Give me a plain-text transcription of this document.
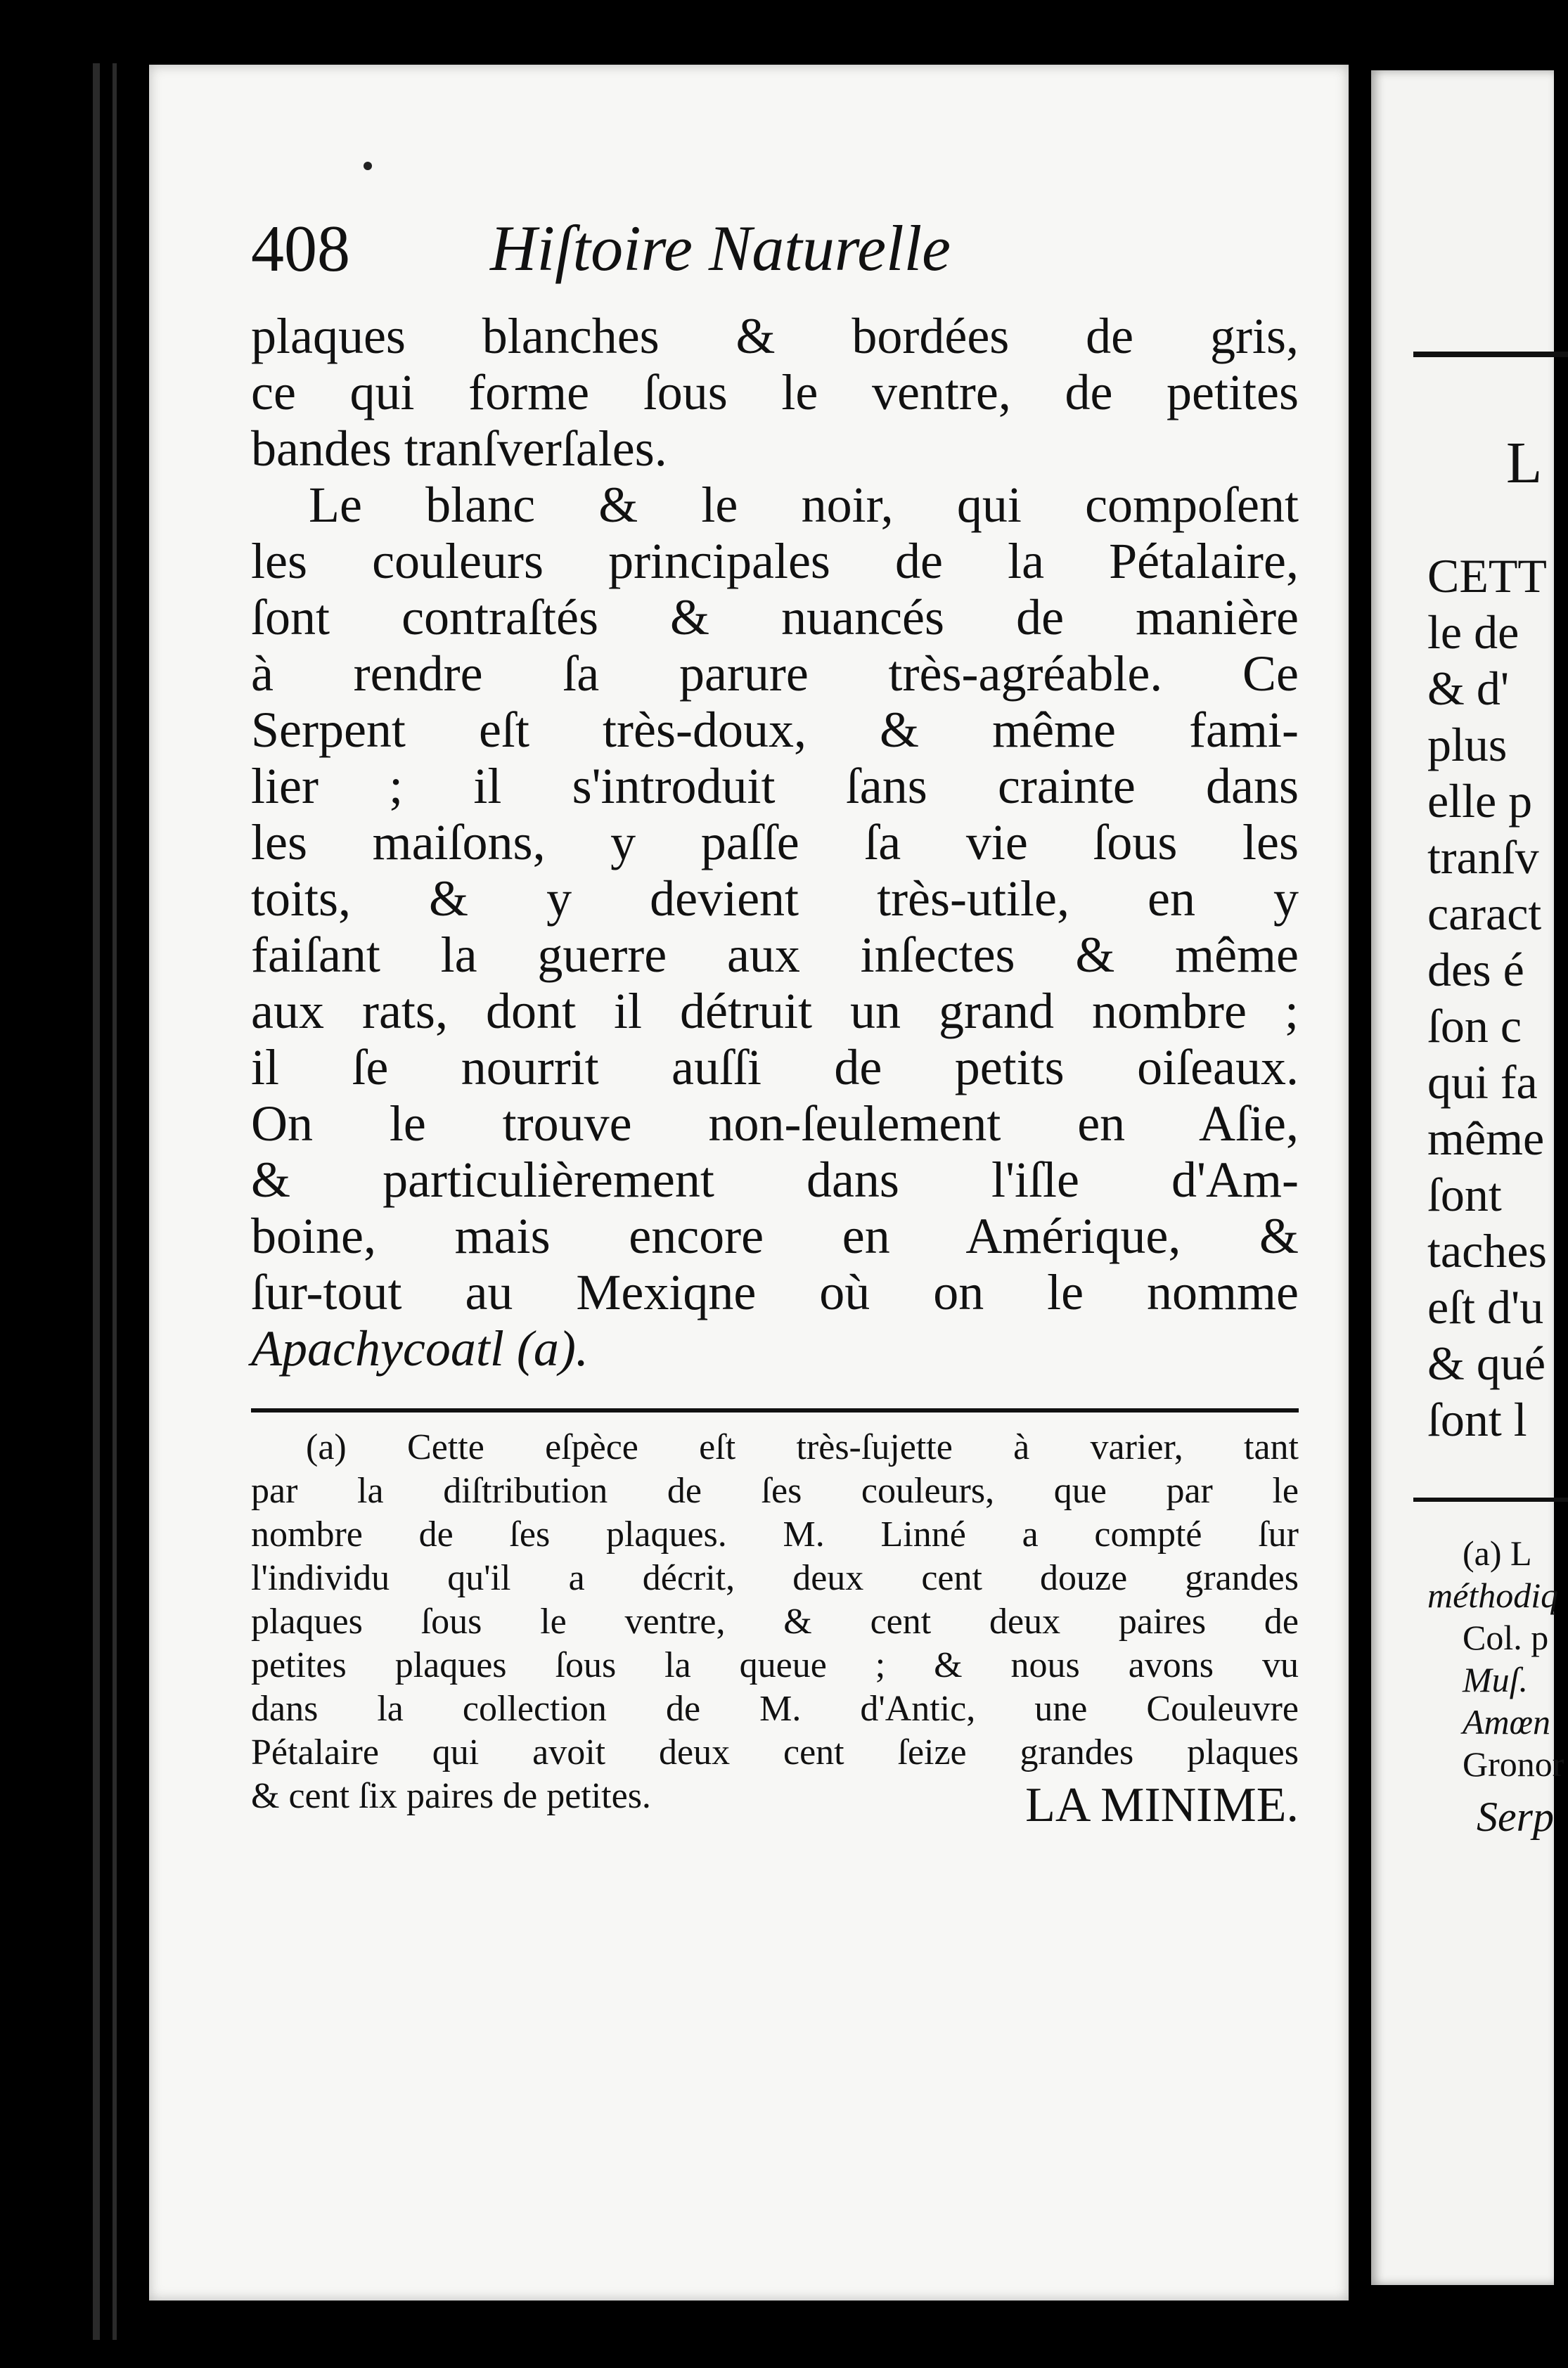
408 Hiſtoire Naturelle
plaques blanches & bordées de gris,
ce qui forme ſous le ventre, de petites
bandes tranſverſales.
Le blanc & le noir, qui compoſent
les couleurs principales de la Pétalaire,
ſont contraſtés & nuancés de manière
à rendre ſa parure très-agréable. Ce
Serpent eſt très-doux, & même fami-
lier ; il s'introduit ſans crainte dans
les maiſons, y paſſe ſa vie ſous les
toits, & y devient très-utile, en y
faiſant la guerre aux inſectes & même
aux rats, dont il détruit un grand nombre ;
il ſe nourrit auſſi de petits oiſeaux.
On le trouve non-ſeulement en Aſie,
& particulièrement dans l'iſle d'Am-
boine, mais encore en Amérique, &
ſur-tout au Mexiqne où on le nomme
Apachycoatl (a).
(a) Cette eſpèce eſt très-ſujette à varier, tant
par la diſtribution de ſes couleurs, que par le
nombre de ſes plaques. M. Linné a compté ſur
l'individu qu'il a décrit, deux cent douze grandes
plaques ſous le ventre, & cent deux paires de
petites plaques ſous la queue ; & nous avons vu
dans la collection de M. d'Antic, une Couleuvre
Pétalaire qui avoit deux cent ſeize grandes plaques
& cent ſix paires de petites.	LA MINIME.
L
CETT
le de
& d'
plus
elle p
tranſv
caract
des é
ſon c
qui fa
même
ſont
taches
eſt d'u
& qué
ſont l
(a) L
méthodiq
Col. p
Muſ.
Amœn
Gronor
Serp
